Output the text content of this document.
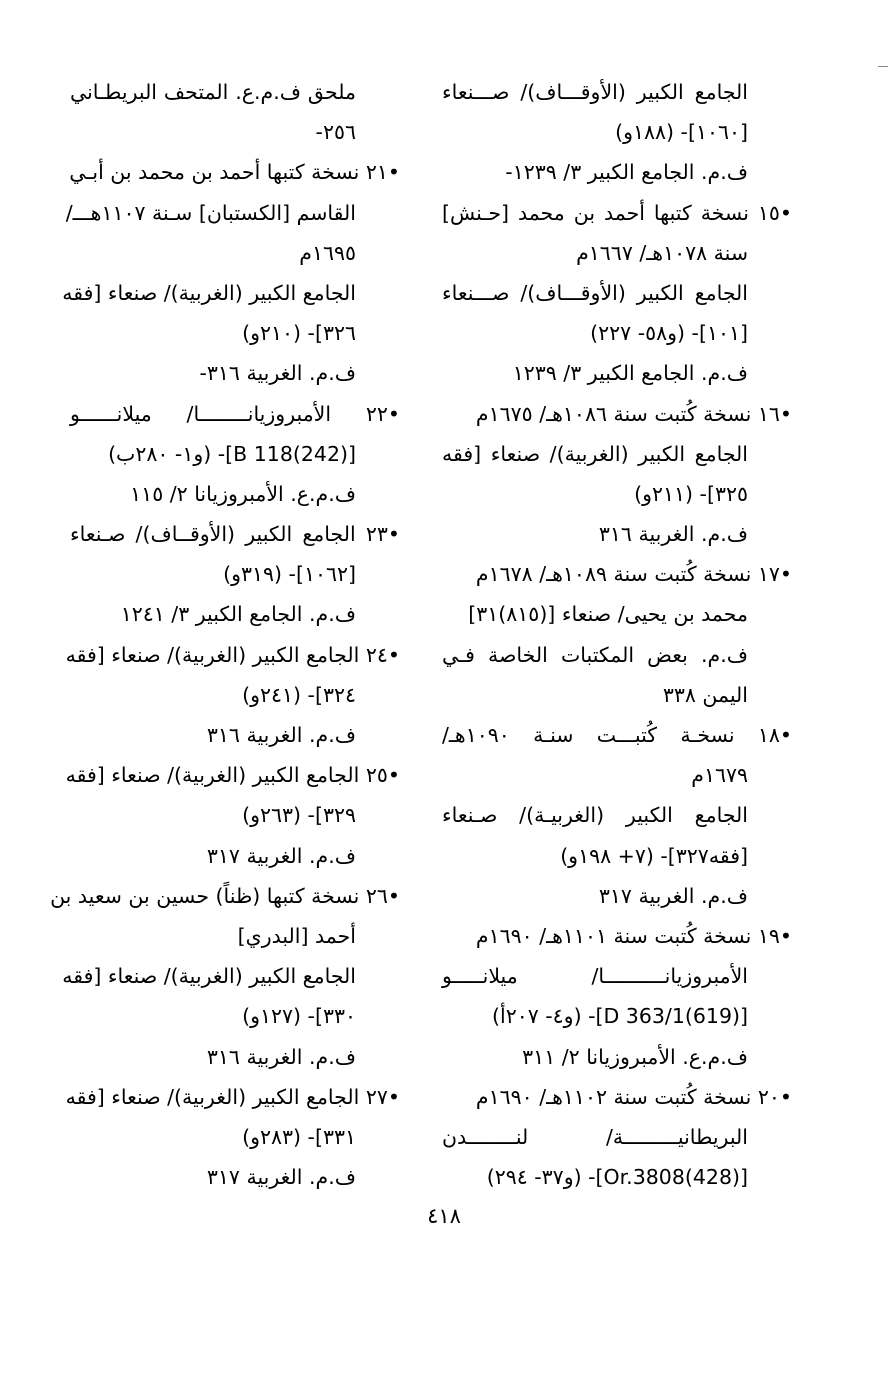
الجامع الكبير (الأوقـــاف)/ صـــنعاء
[١٠٦٠]- (١٨٨و)
ف.م. الجامع الكبير ٣/ ١٢٣٩-
•١٥ نسخة كتبها أحمد بن محمد [حـنش]
سنة ١٠٧٨هـ/ ١٦٦٧م
الجامع الكبير (الأوقـــاف)/ صـــنعاء
[١٠١]- (و٥٨- ٢٢٧)
ف.م. الجامع الكبير ٣/ ١٢٣٩
•١٦ نسخة كُتبت سنة ١٠٨٦هـ/ ١٦٧٥م
الجامع الكبير (الغربية)/ صنعاء [فقه
٣٢٥]- (٢١١و)
ف.م. الغربية ٣١٦
•١٧ نسخة كُتبت سنة ١٠٨٩هـ/ ١٦٧٨م
محمد بن يحيى/ صنعاء [(٨١٥)٣١]
ف.م. بعض المكتبات الخاصة فـي
اليمن ٣٣٨
•١٨ نسخـة كُتبـــت سنـة ١٠٩٠هـ/
١٦٧٩م
الجامع الكبير (الغربيـة)/ صـنعاء
[فقه٣٢٧]- (٧+ ١٩٨و)
ف.م. الغربية ٣١٧
•١٩ نسخة كُتبت سنة ١١٠١هـ/ ١٦٩٠م
الأمبروزيانــــــــــا/ ميلانـــــو
[D 363/1(619)]- (و٤- ٢٠٧أ)
ف.م.ع. الأمبروزيانا ٢/ ٣١١
•٢٠ نسخة كُتبت سنة ١١٠٢هـ/ ١٦٩٠م
البريطانيـــــــــة/ لنــــــــدن
[Or.3808(428)]- (و٣٧- ٢٩٤)
ملحق ف.م.ع. المتحف البريطـاني
٢٥٦-
•٢١ نسخة كتبها أحمد بن محمد بن أبـي
القاسم [الكستبان] سـنة ١١٠٧هـــ/
١٦٩٥م
الجامع الكبير (الغربية)/ صنعاء [فقه
٣٢٦]- (٢١٠و)
ف.م. الغربية ٣١٦-
•٢٢ الأمبروزيانــــــــا/ ميلانــــــو
[B 118(242)]- (و١- ٢٨٠ب)
ف.م.ع. الأمبروزيانا ٢/ ١١٥
•٢٣ الجامع الكبير (الأوقــاف)/ صـنعاء
[١٠٦٢]- (٣١٩و)
ف.م. الجامع الكبير ٣/ ١٢٤١
•٢٤ الجامع الكبير (الغربية)/ صنعاء [فقه
٣٢٤]- (٢٤١و)
ف.م. الغربية ٣١٦
•٢٥ الجامع الكبير (الغربية)/ صنعاء [فقه
٣٢٩]- (٢٦٣و)
ف.م. الغربية ٣١٧
•٢٦ نسخة كتبها (ظناً) حسين بن سعيد بن
أحمد [البدري]
الجامع الكبير (الغربية)/ صنعاء [فقه
٣٣٠]- (١٢٧و)
ف.م. الغربية ٣١٦
•٢٧ الجامع الكبير (الغربية)/ صنعاء [فقه
٣٣١]- (٢٨٣و)
ف.م. الغربية ٣١٧
٤١٨
